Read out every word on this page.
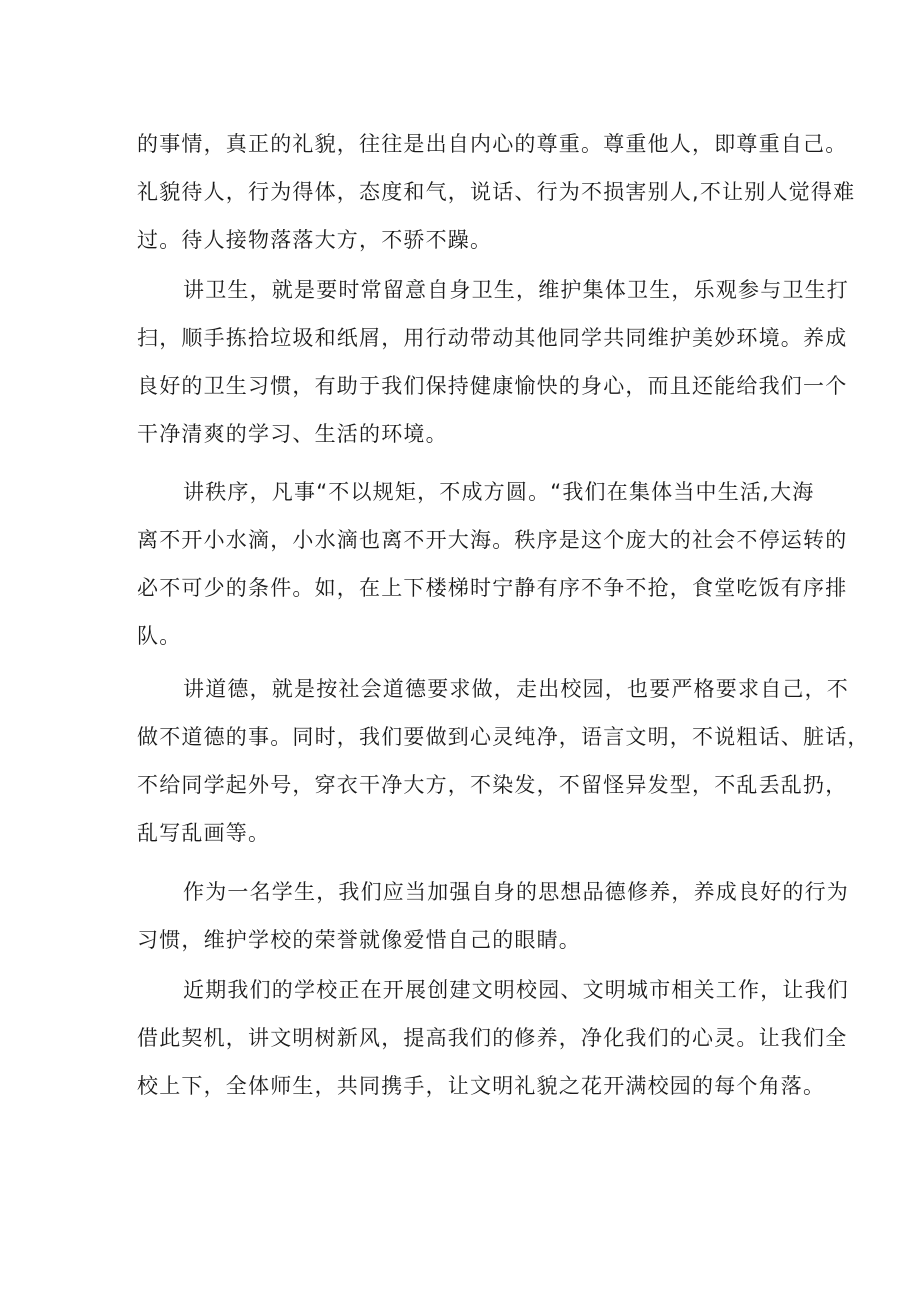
的事情，真正的礼貌，往往是出自内心的尊重。尊重他人，即尊重自己。
礼貌待人，行为得体，态度和气，说话、行为不损害别人,不让别人觉得难
过。待人接物落落大方，不骄不躁。
讲卫生，就是要时常留意自身卫生，维护集体卫生，乐观参与卫生打
扫，顺手拣拾垃圾和纸屑，用行动带动其他同学共同维护美妙环境。养成
良好的卫生习惯，有助于我们保持健康愉快的身心，而且还能给我们一个
干净清爽的学习、生活的环境。
讲秩序，凡事“不以规矩，不成方圆。“我们在集体当中生活,大海
离不开小水滴，小水滴也离不开大海。秩序是这个庞大的社会不停运转的
必不可少的条件。如，在上下楼梯时宁静有序不争不抢，食堂吃饭有序排
队。
讲道德，就是按社会道德要求做，走出校园，也要严格要求自己，不
做不道德的事。同时，我们要做到心灵纯净，语言文明，不说粗话、脏话，
不给同学起外号，穿衣干净大方，不染发，不留怪异发型，不乱丢乱扔，
乱写乱画等。
作为一名学生，我们应当加强自身的思想品德修养，养成良好的行为
习惯，维护学校的荣誉就像爱惜自己的眼睛。
近期我们的学校正在开展创建文明校园、文明城市相关工作，让我们
借此契机，讲文明树新风，提高我们的修养，净化我们的心灵。让我们全
校上下，全体师生，共同携手，让文明礼貌之花开满校园的每个角落。
